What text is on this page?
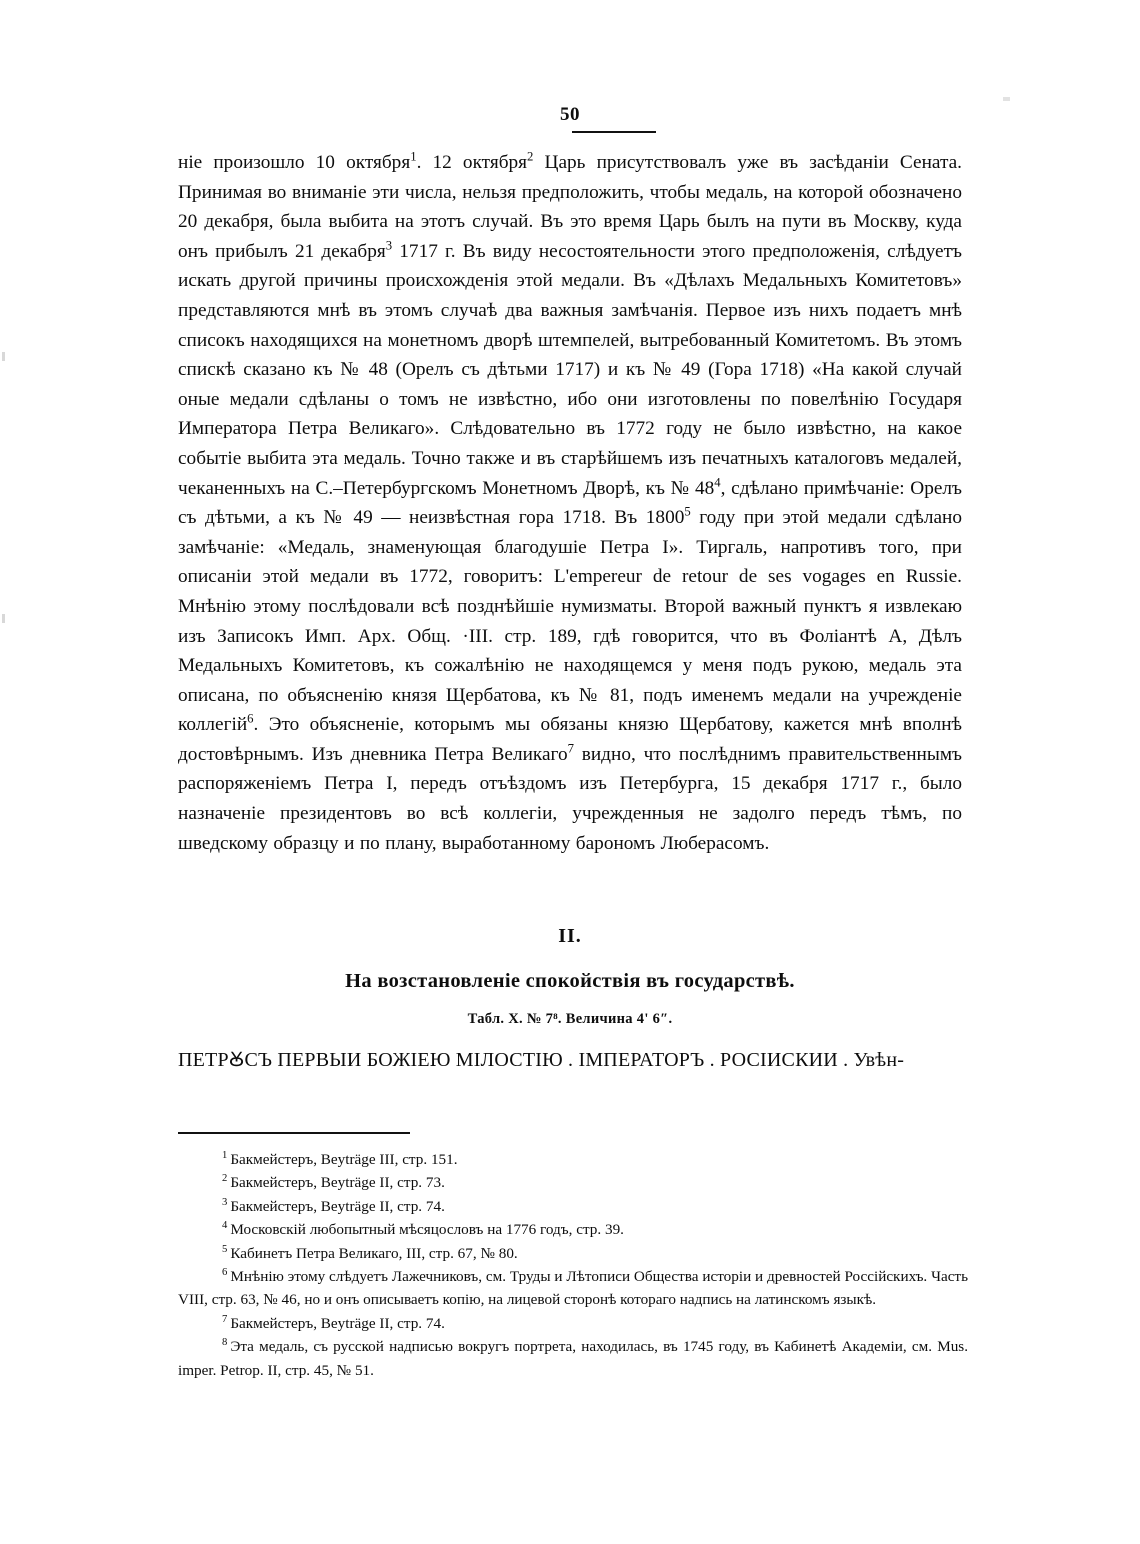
50

ніе произошло 10 октября$^1$. 12 октября$^2$ Царь присутствовалъ уже въ засѣданіи Сената. Принимая во вниманіе эти числа, нельзя предположить, чтобы медаль, на которой обозначено 20 декабря, была выбита на этотъ случай. Въ это время Царь былъ на пути въ Москву, куда онъ прибылъ 21 декабря$^3$ 1717 г. Въ виду несостоятельности этого предположенія, слѣдуетъ искать другой причины происхожденія этой медали. Въ «Дѣлахъ Медальныхъ Комитетовъ» представляются мнѣ въ этомъ случаѣ два важныя замѣчанія. Первое изъ нихъ подаетъ мнѣ списокъ находящихся на монетномъ дворѣ штемпелей, вытребованный Комитетомъ. Въ этомъ спискѣ сказано къ № 48 (Орелъ съ дѣтьми 1717) и къ № 49 (Гора 1718) «На какой случай оные медали сдѣланы о томъ не извѣстно, ибо они изготовлены по повелѣнію Государя Императора Петра Великаго». Слѣдовательно въ 1772 году не было извѣстно, на какое событіе выбита эта медаль. Точно также и въ старѣйшемъ изъ печатныхъ каталоговъ медалей, чеканенныхъ на С.–Петербургскомъ Монетномъ Дворѣ, къ № $48^4$, сдѣлано примѣчаніе: Орелъ съ дѣтьми, а къ № 49 — неизвѣстная гора 1718. Въ 1800$^5$ году при этой медали сдѣлано замѣчаніе: «Медаль, знаменующая благодушіе Петра I». Тиргаль, напротивъ того, при описаніи этой медали въ 1772, говоритъ: L'empereur de retour de ses vogages en Russie. Мнѣнію этому послѣдовали всѣ позднѣйшіе нумизматы. Второй важный пунктъ я извлекаю изъ Записокъ Имп. Арх. Общ. ·III. стр. 189, гдѣ говорится, что въ Фоліантѣ А, Дѣлъ Медальныхъ Комитетовъ, къ сожалѣнію не находящемся у меня подъ рукою, медаль эта описана, по объясненію князя Щербатова, къ № 81, подъ именемъ медали на учрежденіе коллегій$^6$. Это объясненіе, которымъ мы обязаны князю Щербатову, кажется мнѣ вполнѣ достовѣрнымъ. Изъ дневника Петра Великаго$^7$ видно, что послѣднимъ правительственнымъ распоряженіемъ Петра I, передъ отъѣздомъ изъ Петербурга, 15 декабря 1717 г., было назначеніе президентовъ во всѣ коллегіи, учрежденныя не задолго передъ тѣмъ, по шведскому образцу и по плану, выработанному барономъ Люберасомъ.

II.
На возстановленіе спокойствія въ государствѣ.
Табл. X. № 7⁸. Величина 4' 6″.
ПЕТРꙊСЪ ПЕРВЫИ БОЖІЕЮ МІЛОСТІЮ . ІМПЕРАТОРЪ . РОСІИСКИИ . Увѣн-

$^1$ Бакмейстеръ, Beyträge III, стр. 151.

$^2$ Бакмейстеръ, Beyträge II, стр. 73.

$^3$ Бакмейстеръ, Beyträge II, стр. 74.

$^4$ Московскій любопытный мѣсяцословъ на 1776 годъ, стр. 39.

$^5$ Кабинетъ Петра Великаго, III, стр. 67, № 80.

$^6$ Мнѣнію этому слѣдуетъ Лажечниковъ, см. Труды и Лѣтописи Общества исторіи и древностей Россійскихъ. Часть VIII, стр. 63, № 46, но и онъ описываетъ копію, на лицевой сторонѣ котораго надпись на латинскомъ языкѣ.

$^7$ Бакмейстеръ, Beyträge II, стр. 74.

$^8$ Эта медаль, съ русской надписью вокругъ портрета, находилась, въ 1745 году, въ Кабинетѣ Академіи, см. Mus. imper. Petrop. II, стр. 45, № 51.
